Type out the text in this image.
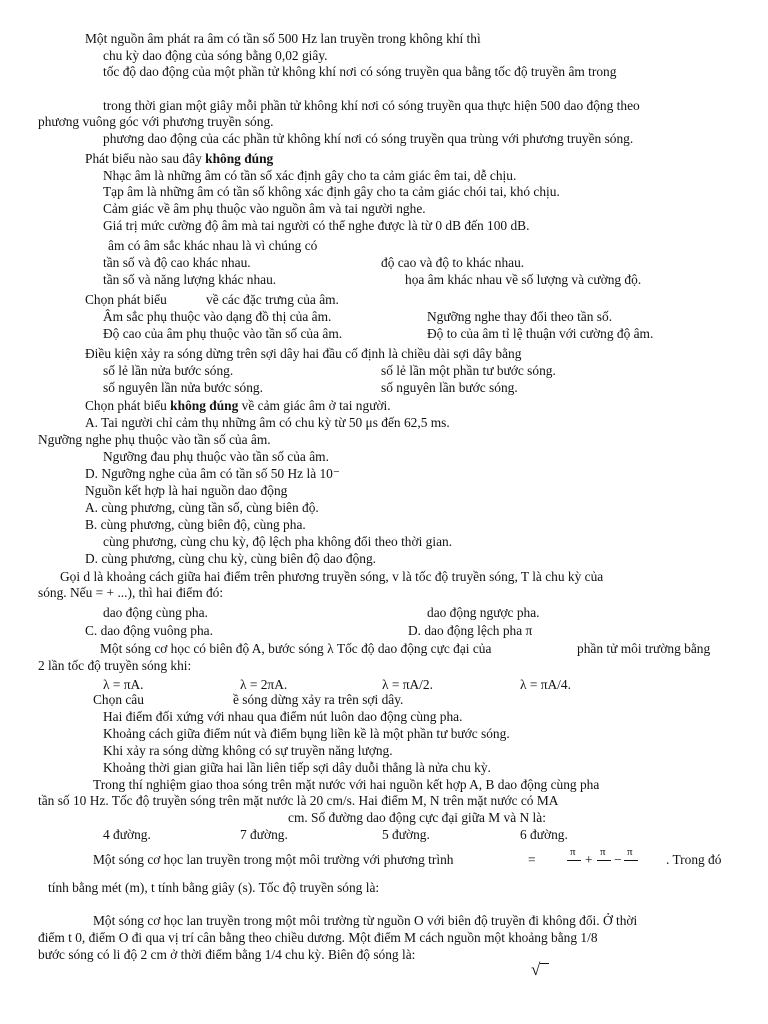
Một nguồn âm phát ra âm có tần số 500 Hz lan truyền trong không khí thì
chu kỳ dao động của sóng bằng 0,02 giây.
tốc độ dao động của một phần tử không khí nơi có sóng truyền qua bằng tốc độ truyền âm trong
trong thời gian một giây mỗi phần tử không khí nơi có sóng truyền qua thực hiện 500 dao động theo
phương vuông góc với phương truyền sóng.
phương dao động của các phần tử không khí nơi có sóng truyền qua trùng với phương truyền sóng.
Phát biểu nào sau đây không đúng
Nhạc âm là những âm có tần số xác định gây cho ta cảm giác êm tai, dễ chịu.
Tạp âm là những âm có tần số không xác định gây cho ta cảm giác chói tai, khó chịu.
Cảm giác về âm phụ thuộc vào nguồn âm và tai người nghe.
Giá trị mức cường độ âm mà tai người có thể nghe được là từ 0 dB đến 100 dB.
âm có âm sắc khác nhau là vì chúng có
tần số và độ cao khác nhau.	độ cao và độ to khác nhau.
tần số và năng lượng khác nhau.	họa âm khác nhau về số lượng và cường độ.
Chọn phát biểu	về các đặc trưng của âm.
Âm sắc phụ thuộc vào dạng đồ thị của âm.	Ngưỡng nghe thay đổi theo tần số.
Độ cao của âm phụ thuộc vào tần số của âm.	Độ to của âm tỉ lệ thuận với cường độ âm.
Điều kiện xảy ra sóng dừng trên sợi dây hai đầu cố định là chiều dài sợi dây bằng
số lẻ lần nửa bước sóng.	số lẻ lần một phần tư bước sóng.
số nguyên lần nửa bước sóng.	số nguyên lần bước sóng.
Chọn phát biểu không đúng về cảm giác âm ở tai người.
A. Tai người chỉ cảm thụ những âm có chu kỳ từ 50 μs đến 62,5 ms.
Ngưỡng nghe phụ thuộc vào tần số của âm.
Ngưỡng đau phụ thuộc vào tần số của âm.
D. Ngưỡng nghe của âm có tần số 50 Hz là 10⁻
Nguồn kết hợp là hai nguồn dao động
A. cùng phương, cùng tần số, cùng biên độ.
B. cùng phương, cùng biên độ, cùng pha.
cùng phương, cùng chu kỳ, độ lệch pha không đổi theo thời gian.
D. cùng phương, cùng chu kỳ, cùng biên độ dao động.
Gọi d là khoảng cách giữa hai điểm trên phương truyền sóng, v là tốc độ truyền sóng, T là chu kỳ của
sóng. Nếu = + ...), thì hai điểm đó:
dao động cùng pha.	dao động ngược pha.
C. dao động vuông pha.	D. dao động lệch pha π
Một sóng cơ học có biên độ A, bước sóng λ Tốc độ dao động cực đại của	phần tử môi trường bằng
2 lần tốc độ truyền sóng khi:
λ = πA.	λ = 2πA.	λ = πA/2.	λ = πA/4.
Chọn câu	ề sóng dừng xảy ra trên sợi dây.
Hai điểm đối xứng với nhau qua điểm nút luôn dao động cùng pha.
Khoảng cách giữa điểm nút và điểm bụng liền kề là một phần tư bước sóng.
Khi xảy ra sóng dừng không có sự truyền năng lượng.
Khoảng thời gian giữa hai lần liên tiếp sợi dây duỗi thẳng là nửa chu kỳ.
Trong thí nghiệm giao thoa sóng trên mặt nước với hai nguồn kết hợp A, B dao động cùng pha
tần số 10 Hz. Tốc độ truyền sóng trên mặt nước là 20 cm/s. Hai điểm M, N trên mặt nước có MA
cm. Số đường dao động cực đại giữa M và N là:
4 đường.	7 đường.	5 đường.	6 đường.
Một sóng cơ học lan truyền trong một môi trường với phương trình	=	π + π − π . Trong đó
tính bằng mét (m), t tính bằng giây (s). Tốc độ truyền sóng là:
Một sóng cơ học lan truyền trong một môi trường từ nguồn O với biên độ truyền đi không đổi. Ở thời
điểm t 0, điểm O đi qua vị trí cân bằng theo chiều dương. Một điểm M cách nguồn một khoảng bằng 1/8
bước sóng có li độ 2 cm ở thời điểm bằng 1/4 chu kỳ. Biên độ sóng là:
√
